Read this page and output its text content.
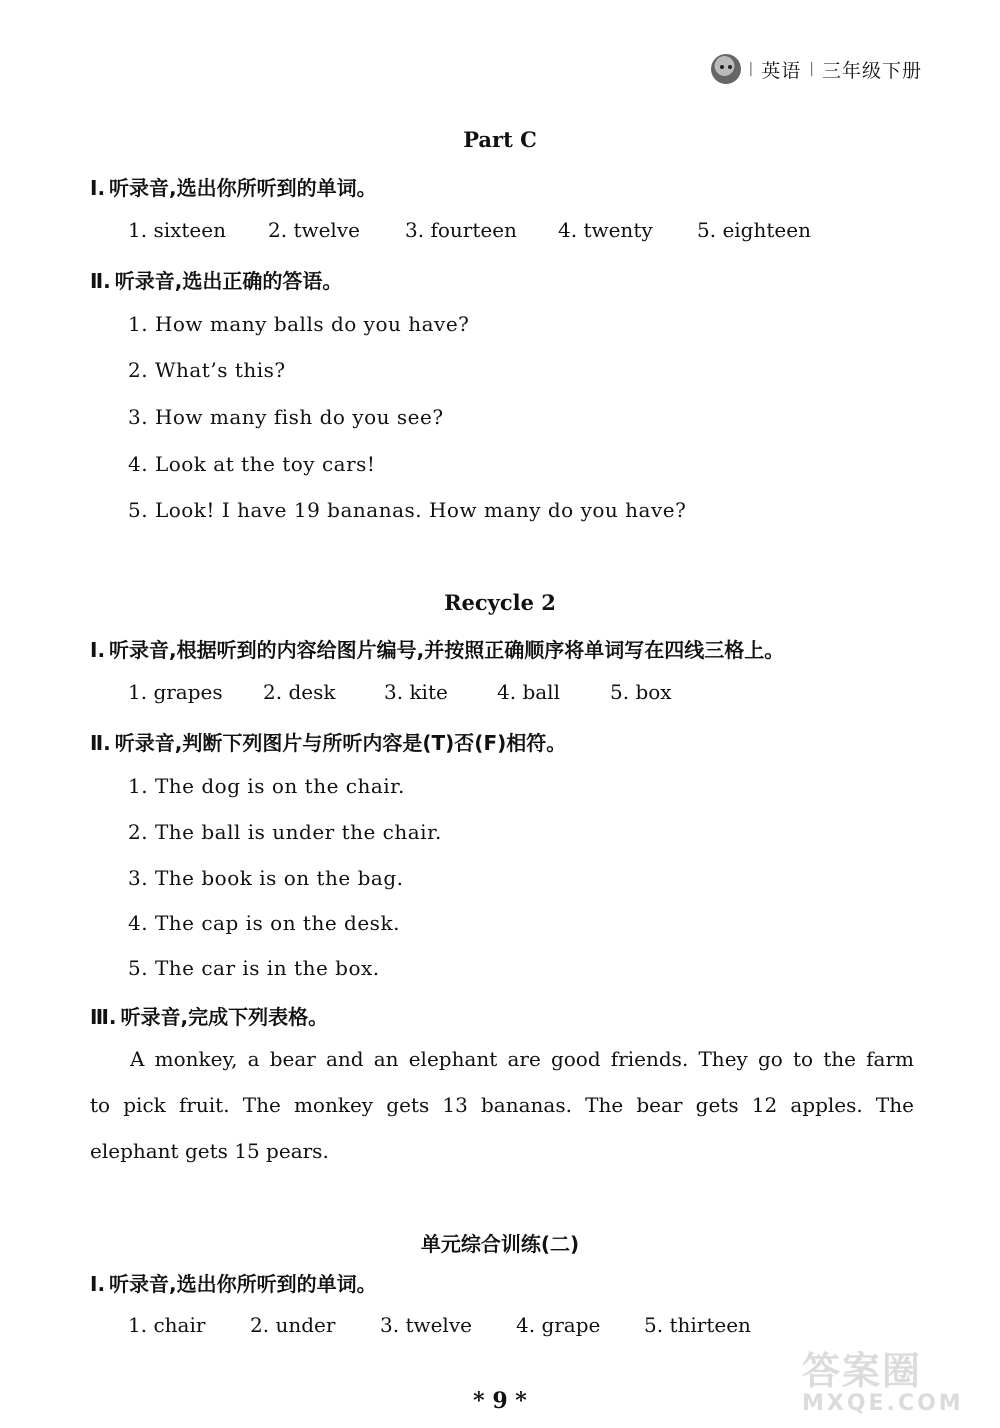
| 英语 | 三年级下册
Part C
Ⅰ. 听录音,选出你所听到的单词。
1. sixteen 2. twelve 3. fourteen 4. twenty 5. eighteen
Ⅱ. 听录音,选出正确的答语。
1. How many balls do you have?
2. What’s this?
3. How many fish do you see?
4. Look at the toy cars!
5. Look! I have 19 bananas. How many do you have?
Recycle 2
Ⅰ. 听录音,根据听到的内容给图片编号,并按照正确顺序将单词写在四线三格上。
1. grapes 2. desk 3. kite 4. ball	5. box
Ⅱ. 听录音,判断下列图片与所听内容是(T)否(F)相符。
1. The dog is on the chair.
2. The ball is under the chair.
3. The book is on the bag.
4. The cap is on the desk.
5. The car is in the box.
Ⅲ. 听录音,完成下列表格。
A monkey, a bear and an elephant are good friends. They go to the farm
to pick fruit. The monkey gets 13 bananas. The bear gets 12 apples. The
elephant gets 15 pears.
单元综合训练(二)
Ⅰ. 听录音,选出你所听到的单词。
1. chair 2. under 3. twelve 4. grape 5. thirteen
* 9 *
答案圈
MXQE.COM
